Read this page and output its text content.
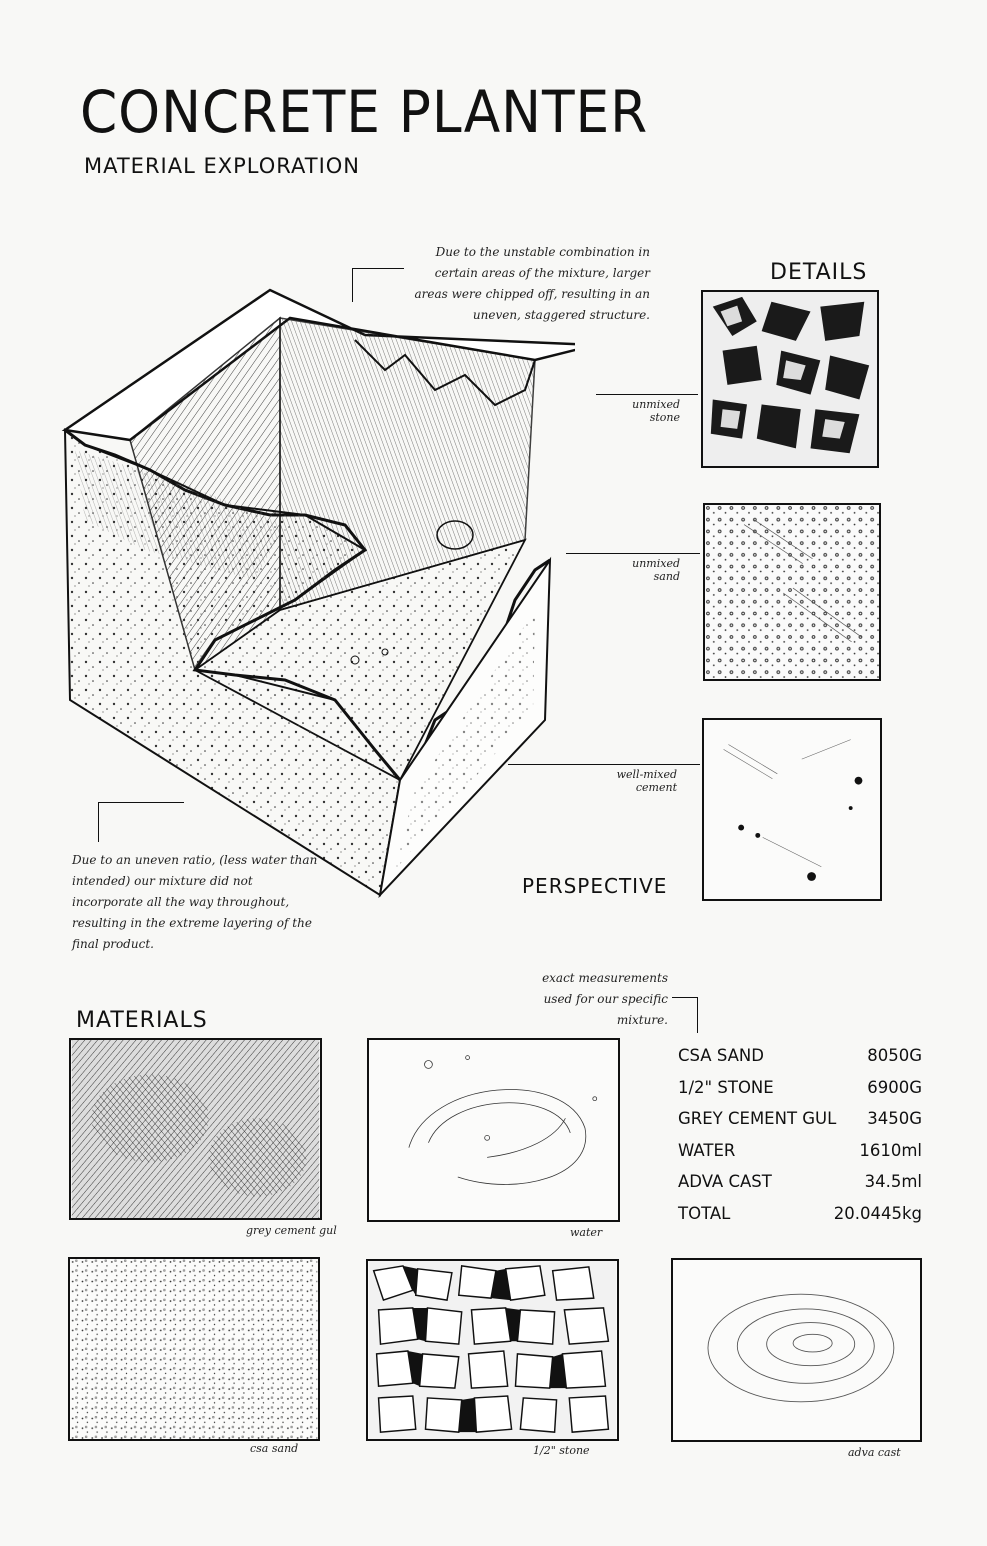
CONCRETE PLANTER
MATERIAL EXPLORATION
Due to the unstable combination in certain areas of the mixture, larger areas were chipped off, resulting in an uneven, staggered structure.
Due to an uneven ratio, (less water than intended) our mixture did not incorporate all the way throughout, resulting in the extreme layering of the final product.
DETAILS
unmixed stone
unmixed sand
well-mixed cement
PERSPECTIVE
exact measurements used for our specific mixture.
MATERIALS
grey cement gul	water
csa sand	1/2" stone	adva cast
CSA SAND	8050G
1/2" STONE	6900G
GREY CEMENT GUL 3450G
WATER	1610ml
ADVA CAST	34.5ml
TOTAL	20.0445kg
